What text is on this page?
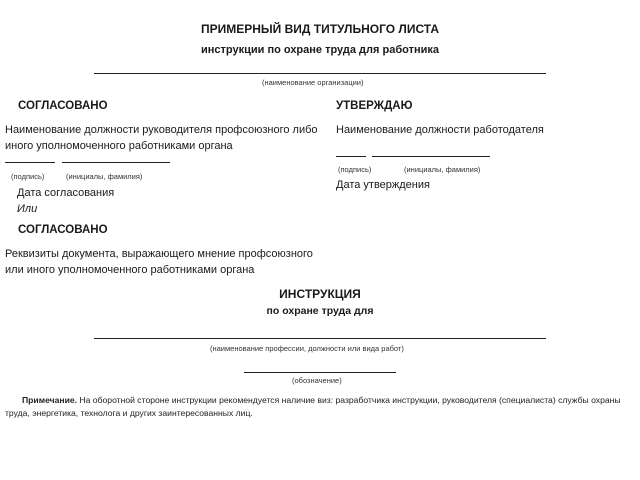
ПРИМЕРНЫЙ ВИД ТИТУЛЬНОГО ЛИСТА
инструкции по охране труда для работника
(наименование организации)
СОГЛАСОВАНО
Наименование должности руководителя профсоюзного либо
иного уполномоченного работниками органа
(подпись)	(инициалы, фамилия)
Дата согласования
Или
СОГЛАСОВАНО
Реквизиты документа, выражающего мнение профсоюзного
или иного уполномоченного работниками органа
УТВЕРЖДАЮ
Наименование должности работодателя
(подпись)	(инициалы, фамилия)
Дата утверждения
ИНСТРУКЦИЯ
по охране труда для
(наименование профессии, должности или вида работ)
(обозначение)
Примечание. На оборотной стороне инструкции рекомендуется наличие виз: разработчика инструкции, руководителя (специалиста) службы охраны
труда, энергетика, технолога и других заинтересованных лиц.
